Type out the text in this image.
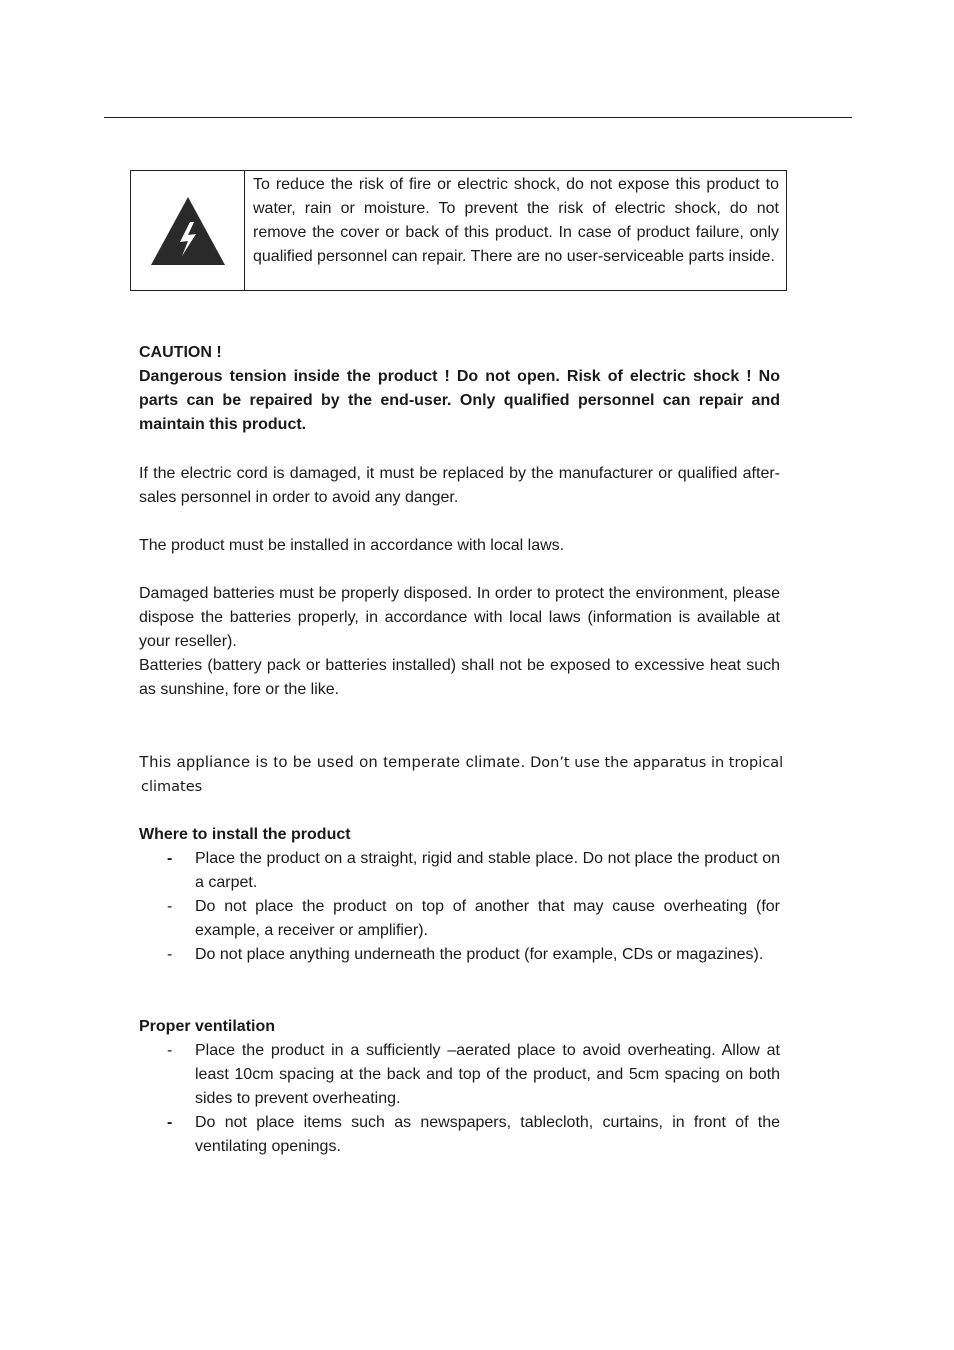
To reduce the risk of fire or electric shock, do not expose this product to water, rain or moisture. To prevent the risk of electric shock, do not remove the cover or back of this product. In case of product failure, only qualified personnel can repair. There are no user-serviceable parts inside.
CAUTION !
Dangerous tension inside the product ! Do not open. Risk of electric shock ! No parts can be repaired by the end-user. Only qualified personnel can repair and maintain this product.
If the electric cord is damaged, it must be replaced by the manufacturer or qualified after-sales personnel in order to avoid any danger.
The product must be installed in accordance with local laws.
Damaged batteries must be properly disposed. In order to protect the environment, please dispose the batteries properly, in accordance with local laws (information is available at your reseller).
Batteries (battery pack or batteries installed) shall not be exposed to excessive heat such as sunshine, fore or the like.
This appliance is to be used on temperate climate. Don’t use the apparatus in tropical
climates
Where to install the product
-	Place the product on a straight, rigid and stable place. Do not place the product on a carpet.
-	Do not place the product on top of another that may cause overheating (for example, a receiver or amplifier).
-	Do not place anything underneath the product (for example, CDs or magazines).
Proper ventilation
-	Place the product in a sufficiently –aerated place to avoid overheating. Allow at least 10cm spacing at the back and top of the product, and 5cm spacing on both sides to prevent overheating.
-	Do not place items such as newspapers, tablecloth, curtains, in front of the ventilating openings.
